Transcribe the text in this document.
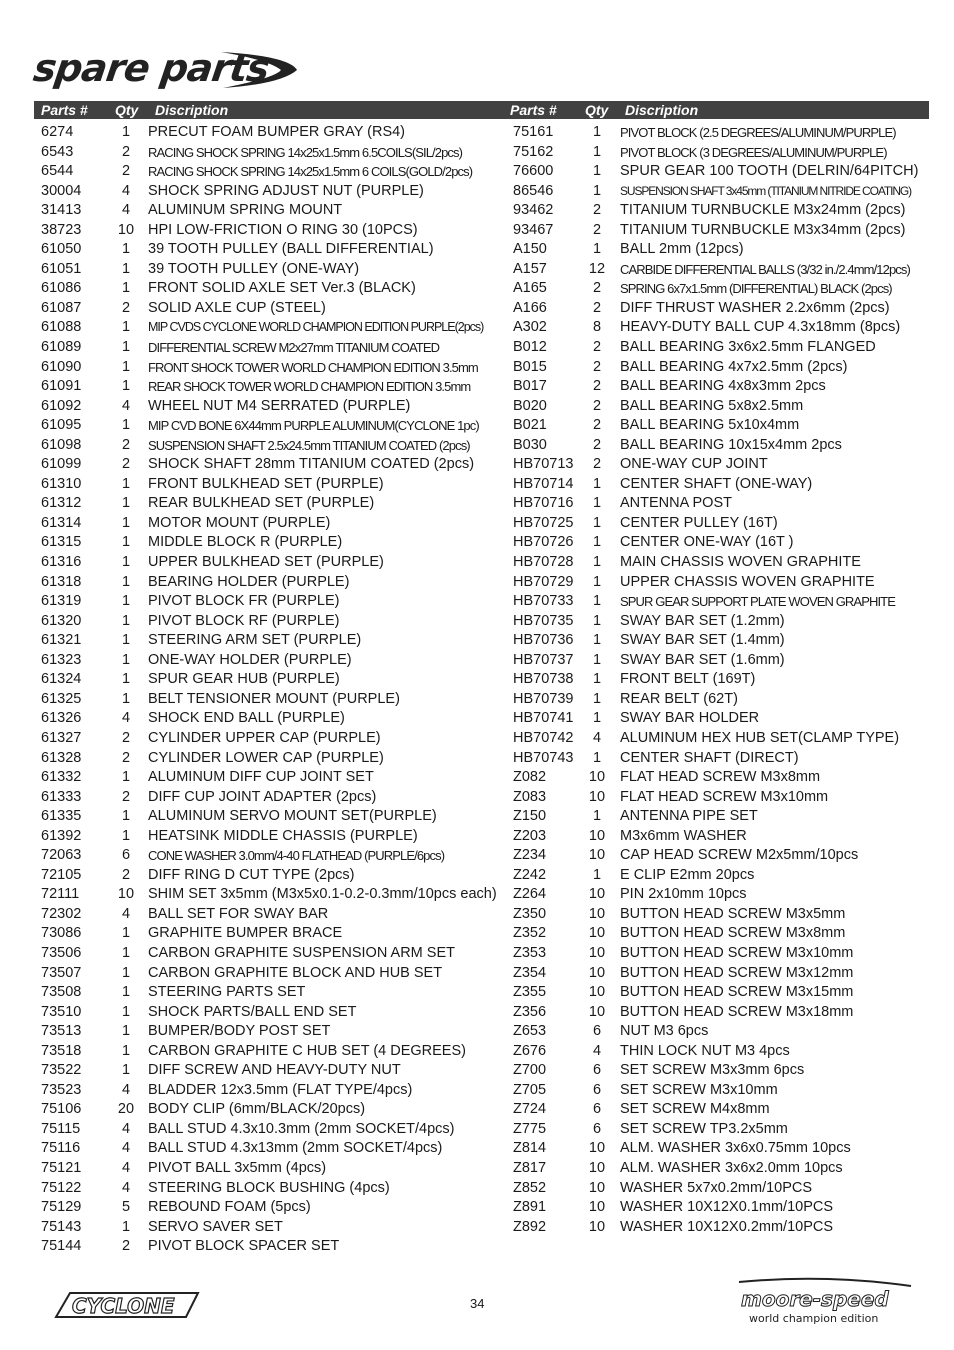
spare parts
Parts # Qty Discription	Parts # Qty Discription
6274	1	PRECUT FOAM BUMPER GRAY (RS4)
6543	2	RACING SHOCK SPRING 14x25x1.5mm 6.5COILS(SIL/2pcs)
6544	2	RACING SHOCK SPRING 14x25x1.5mm 6 COILS(GOLD/2pcs)
30004	4	SHOCK SPRING ADJUST NUT (PURPLE)
31413	4	ALUMINUM SPRING MOUNT
38723	10 HPI LOW-FRICTION O RING 30 (10PCS)
61050	1	39 TOOTH PULLEY (BALL DIFFERENTIAL)
61051	1	39 TOOTH PULLEY (ONE-WAY)
61086	1	FRONT SOLID AXLE SET Ver.3 (BLACK)
61087	2	SOLID AXLE CUP (STEEL)
61088	1	MIP CVDS CYCLONE WORLD CHAMPION EDITION PURPLE(2pcs)
61089	1	DIFFERENTIAL SCREW M2x27mm TITANIUM COATED
61090	1	FRONT SHOCK TOWER WORLD CHAMPION EDITION 3.5mm
61091	1	REAR SHOCK TOWER WORLD CHAMPION EDITION 3.5mm
61092	4	WHEEL NUT M4 SERRATED (PURPLE)
61095	1	MIP CVD BONE 6X44mm PURPLE ALUMINUM(CYCLONE 1pc)
61098	2	SUSPENSION SHAFT 2.5x24.5mm TITANIUM COATED (2pcs)
61099	2	SHOCK SHAFT 28mm TITANIUM COATED (2pcs)
61310	1	FRONT BULKHEAD SET (PURPLE)
61312	1	REAR BULKHEAD SET (PURPLE)
61314	1	MOTOR MOUNT (PURPLE)
61315	1	MIDDLE BLOCK R (PURPLE)
61316	1	UPPER BULKHEAD SET (PURPLE)
61318	1	BEARING HOLDER (PURPLE)
61319	1	PIVOT BLOCK FR (PURPLE)
61320	1	PIVOT BLOCK RF (PURPLE)
61321	1	STEERING ARM SET (PURPLE)
61323	1	ONE-WAY HOLDER (PURPLE)
61324	1	SPUR GEAR HUB (PURPLE)
61325	1	BELT TENSIONER MOUNT (PURPLE)
61326	4	SHOCK END BALL (PURPLE)
61327	2	CYLINDER UPPER CAP (PURPLE)
61328	2	CYLINDER LOWER CAP (PURPLE)
61332	1	ALUMINUM DIFF CUP JOINT SET
61333	2	DIFF CUP JOINT ADAPTER (2pcs)
61335	1	ALUMINUM SERVO MOUNT SET(PURPLE)
61392	1	HEATSINK MIDDLE CHASSIS (PURPLE)
72063	6	CONE WASHER 3.0mm/4-40 FLATHEAD (PURPLE/6pcs)
72105	2	DIFF RING D CUT TYPE (2pcs)
72111	10 SHIM SET 3x5mm (M3x5x0.1-0.2-0.3mm/10pcs each)
72302	4	BALL SET FOR SWAY BAR
73086	1	GRAPHITE BUMPER BRACE
73506	1	CARBON GRAPHITE SUSPENSION ARM SET
73507	1	CARBON GRAPHITE BLOCK AND HUB SET
73508	1	STEERING PARTS SET
73510	1	SHOCK PARTS/BALL END SET
73513	1	BUMPER/BODY POST SET
73518	1	CARBON GRAPHITE C HUB SET (4 DEGREES)
73522	1	DIFF SCREW AND HEAVY-DUTY NUT
73523	4	BLADDER 12x3.5mm (FLAT TYPE/4pcs)
75106	20 BODY CLIP (6mm/BLACK/20pcs)
75115	4	BALL STUD 4.3x10.3mm (2mm SOCKET/4pcs)
75116	4	BALL STUD 4.3x13mm (2mm SOCKET/4pcs)
75121	4	PIVOT BALL 3x5mm (4pcs)
75122	4	STEERING BLOCK BUSHING (4pcs)
75129	5	REBOUND FOAM (5pcs)
75143	1	SERVO SAVER SET
75144	2	PIVOT BLOCK SPACER SET
75161	1	PIVOT BLOCK (2.5 DEGREES/ALUMINUM/PURPLE)
75162	1	PIVOT BLOCK (3 DEGREES/ALUMINUM/PURPLE)
76600	1	SPUR GEAR 100 TOOTH (DELRIN/64PITCH)
86546	1	SUSPENSION SHAFT 3x45mm (TITANIUM NITRIDE COATING)
93462	2	TITANIUM TURNBUCKLE M3x24mm (2pcs)
93467	2	TITANIUM TURNBUCKLE M3x34mm (2pcs)
A150	1	BALL 2mm (12pcs)
A157	12	CARBIDE DIFFERENTIAL BALLS (3/32 in./2.4mm/12pcs)
A165	2	SPRING 6x7x1.5mm (DIFFERENTIAL) BLACK (2pcs)
A166	2	DIFF THRUST WASHER 2.2x6mm (2pcs)
A302	8	HEAVY-DUTY BALL CUP 4.3x18mm (8pcs)
B012	2	BALL BEARING 3x6x2.5mm FLANGED
B015	2	BALL BEARING 4x7x2.5mm (2pcs)
B017	2	BALL BEARING 4x8x3mm 2pcs
B020	2	BALL BEARING 5x8x2.5mm
B021	2	BALL BEARING 5x10x4mm
B030	2	BALL BEARING 10x15x4mm 2pcs
HB70713	2	ONE-WAY CUP JOINT
HB70714	1	CENTER SHAFT (ONE-WAY)
HB70716	1	ANTENNA POST
HB70725	1	CENTER PULLEY (16T)
HB70726	1	CENTER ONE-WAY (16T )
HB70728	1	MAIN CHASSIS WOVEN GRAPHITE
HB70729	1	UPPER CHASSIS WOVEN GRAPHITE
HB70733	1	SPUR GEAR SUPPORT PLATE WOVEN GRAPHITE
HB70735	1	SWAY BAR SET (1.2mm)
HB70736	1	SWAY BAR SET (1.4mm)
HB70737	1	SWAY BAR SET (1.6mm)
HB70738	1	FRONT BELT (169T)
HB70739	1	REAR BELT (62T)
HB70741	1	SWAY BAR HOLDER
HB70742	4	ALUMINUM HEX HUB SET(CLAMP TYPE)
HB70743	1	CENTER SHAFT (DIRECT)
Z082	10	FLAT HEAD SCREW M3x8mm
Z083	10	FLAT HEAD SCREW M3x10mm
Z150	1	ANTENNA PIPE SET
Z203	10	M3x6mm WASHER
Z234	10	CAP HEAD SCREW M2x5mm/10pcs
Z242	1	E CLIP E2mm 20pcs
Z264	10	PIN 2x10mm 10pcs
Z350	10	BUTTON HEAD SCREW M3x5mm
Z352	10	BUTTON HEAD SCREW M3x8mm
Z353	10	BUTTON HEAD SCREW M3x10mm
Z354	10	BUTTON HEAD SCREW M3x12mm
Z355	10	BUTTON HEAD SCREW M3x15mm
Z356	10	BUTTON HEAD SCREW M3x18mm
Z653	6	NUT M3 6pcs
Z676	4	THIN LOCK NUT M3 4pcs
Z700	6	SET SCREW M3x3mm 6pcs
Z705	6	SET SCREW M3x10mm
Z724	6	SET SCREW M4x8mm
Z775	6	SET SCREW TP3.2x5mm
Z814	10	ALM. WASHER 3x6x0.75mm 10pcs
Z817	10	ALM. WASHER 3x6x2.0mm 10pcs
Z852	10	WASHER 5x7x0.2mm/10PCS
Z891	10	WASHER 10X12X0.1mm/10PCS
Z892	10	WASHER 10X12X0.2mm/10PCS
CYCLONE	34	moore-speed
world champion edition
